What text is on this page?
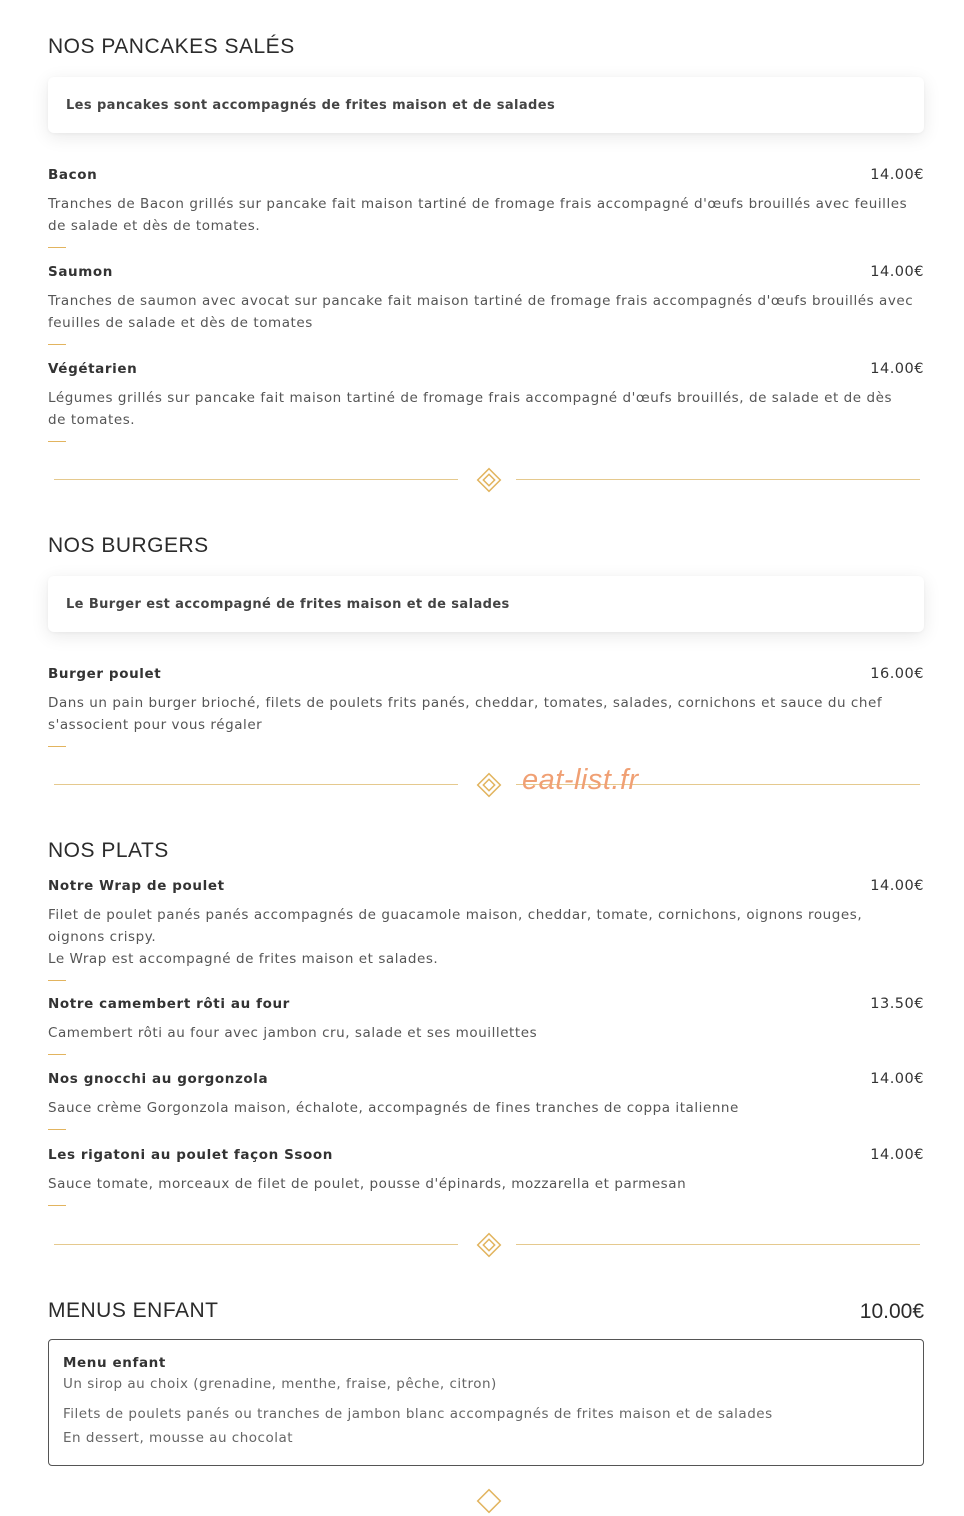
NOS PANCAKES SALÉS
Les pancakes sont accompagnés de frites maison et de salades
Bacon	14.00€
Tranches de Bacon grillés sur pancake fait maison tartiné de fromage frais accompagné d'œufs brouillés avec feuilles de salade et dès de tomates.
Saumon	14.00€
Tranches de saumon avec avocat sur pancake fait maison tartiné de fromage frais accompagnés d'œufs brouillés avec feuilles de salade et dès de tomates
Végétarien	14.00€
Légumes grillés sur pancake fait maison tartiné de fromage frais accompagné d'œufs brouillés, de salade et de dès de tomates.
NOS BURGERS
Le Burger est accompagné de frites maison et de salades
Burger poulet	16.00€
Dans un pain burger brioché, filets de poulets frits panés, cheddar, tomates, salades, cornichons et sauce du chef s'associent pour vous régaler
NOS PLATS
Notre Wrap de poulet	14.00€
Filet de poulet panés panés accompagnés de guacamole maison, cheddar, tomate, cornichons, oignons rouges, oignons crispy.
Le Wrap est accompagné de frites maison et salades.
Notre camembert rôti au four	13.50€
Camembert rôti au four avec jambon cru, salade et ses mouillettes
Nos gnocchi au gorgonzola	14.00€
Sauce crème Gorgonzola maison, échalote, accompagnés de fines tranches de coppa italienne
Les rigatoni au poulet façon Ssoon	14.00€
Sauce tomate, morceaux de filet de poulet, pousse d'épinards, mozzarella et parmesan
MENUS ENFANT	10.00€
Menu enfant
Un sirop au choix (grenadine, menthe, fraise, pêche, citron)
Filets de poulets panés ou tranches de jambon blanc accompagnés de frites maison et de salades
En dessert, mousse au chocolat
eat-list.fr
